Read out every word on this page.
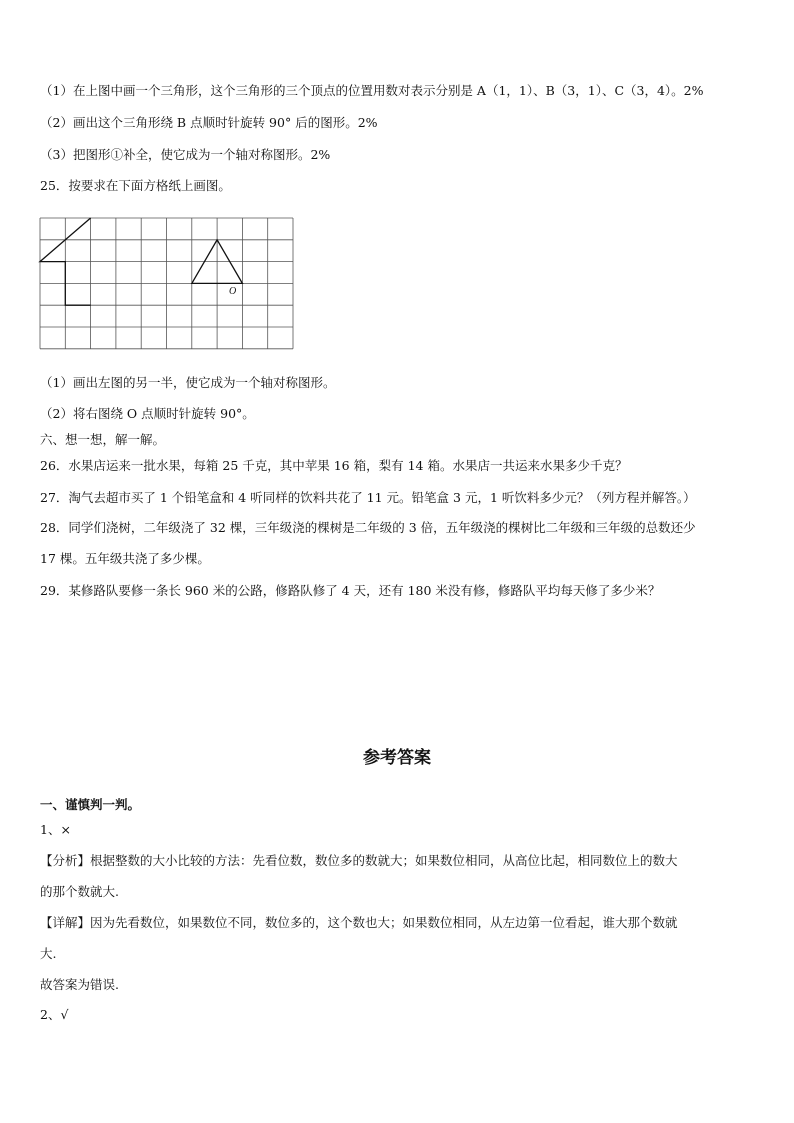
（1）在上图中画一个三角形，这个三角形的三个顶点的位置用数对表示分别是 A（1，1）、B（3，1）、C（3，4）。2%
（2）画出这个三角形绕 B 点顺时针旋转 90° 后的图形。2%
（3）把图形①补全，使它成为一个轴对称图形。2%
25．按要求在下面方格纸上画图。
O
（1）画出左图的另一半，使它成为一个轴对称图形。
（2）将右图绕 O 点顺时针旋转 90°。
六、想一想，解一解。
26．水果店运来一批水果，每箱 25 千克，其中苹果 16 箱，梨有 14 箱。水果店一共运来水果多少千克？
27．淘气去超市买了 1 个铅笔盒和 4 听同样的饮料共花了 11 元。铅笔盒 3 元，1 听饮料多少元？（列方程并解答。）
28．同学们浇树，二年级浇了 32 棵，三年级浇的棵树是二年级的 3 倍，五年级浇的棵树比二年级和三年级的总数还少
17 棵。五年级共浇了多少棵。
29．某修路队要修一条长 960 米的公路，修路队修了 4 天，还有 180 米没有修，修路队平均每天修了多少米？
参考答案
一、谨慎判一判。
1、×
【分析】根据整数的大小比较的方法：先看位数，数位多的数就大；如果数位相同，从高位比起，相同数位上的数大
的那个数就大.
【详解】因为先看数位，如果数位不同，数位多的，这个数也大；如果数位相同，从左边第一位看起，谁大那个数就
大.
故答案为错误.
2、√
